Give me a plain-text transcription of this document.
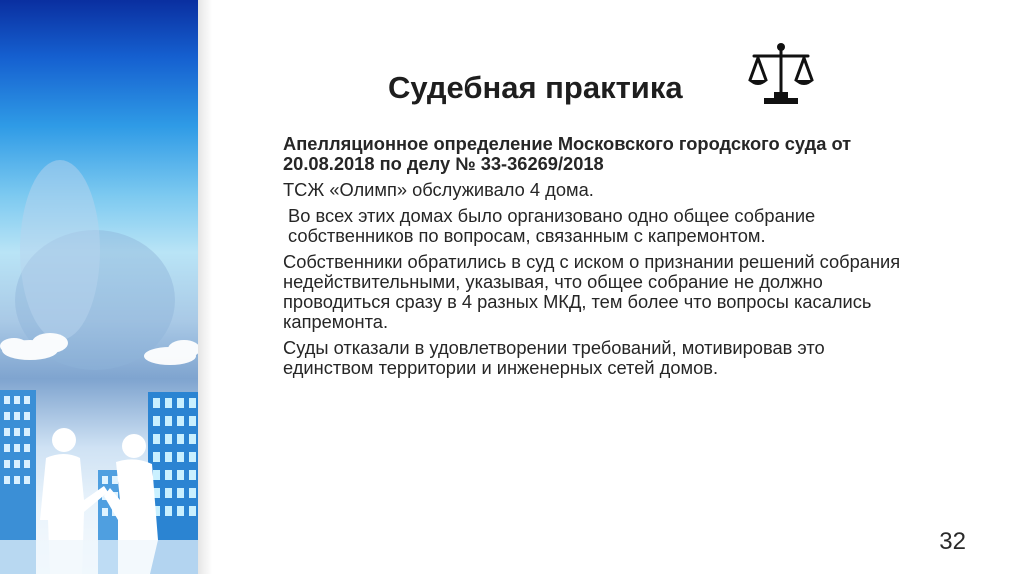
Судебная практика

Апелляционное определение Московского городского суда от 20.08.2018 по делу № 33-36269/2018

ТСЖ «Олимп» обслуживало 4 дома.

Во всех этих домах было организовано одно общее собрание собственников по вопросам, связанным с капремонтом.

Собственники обратились в суд с иском о признании решений собрания недействительными, указывая, что общее собрание не должно проводиться сразу в 4 разных МКД, тем более что вопросы касались капремонта.

Суды отказали в удовлетворении требований, мотивировав это единством территории и инженерных сетей домов.

32
